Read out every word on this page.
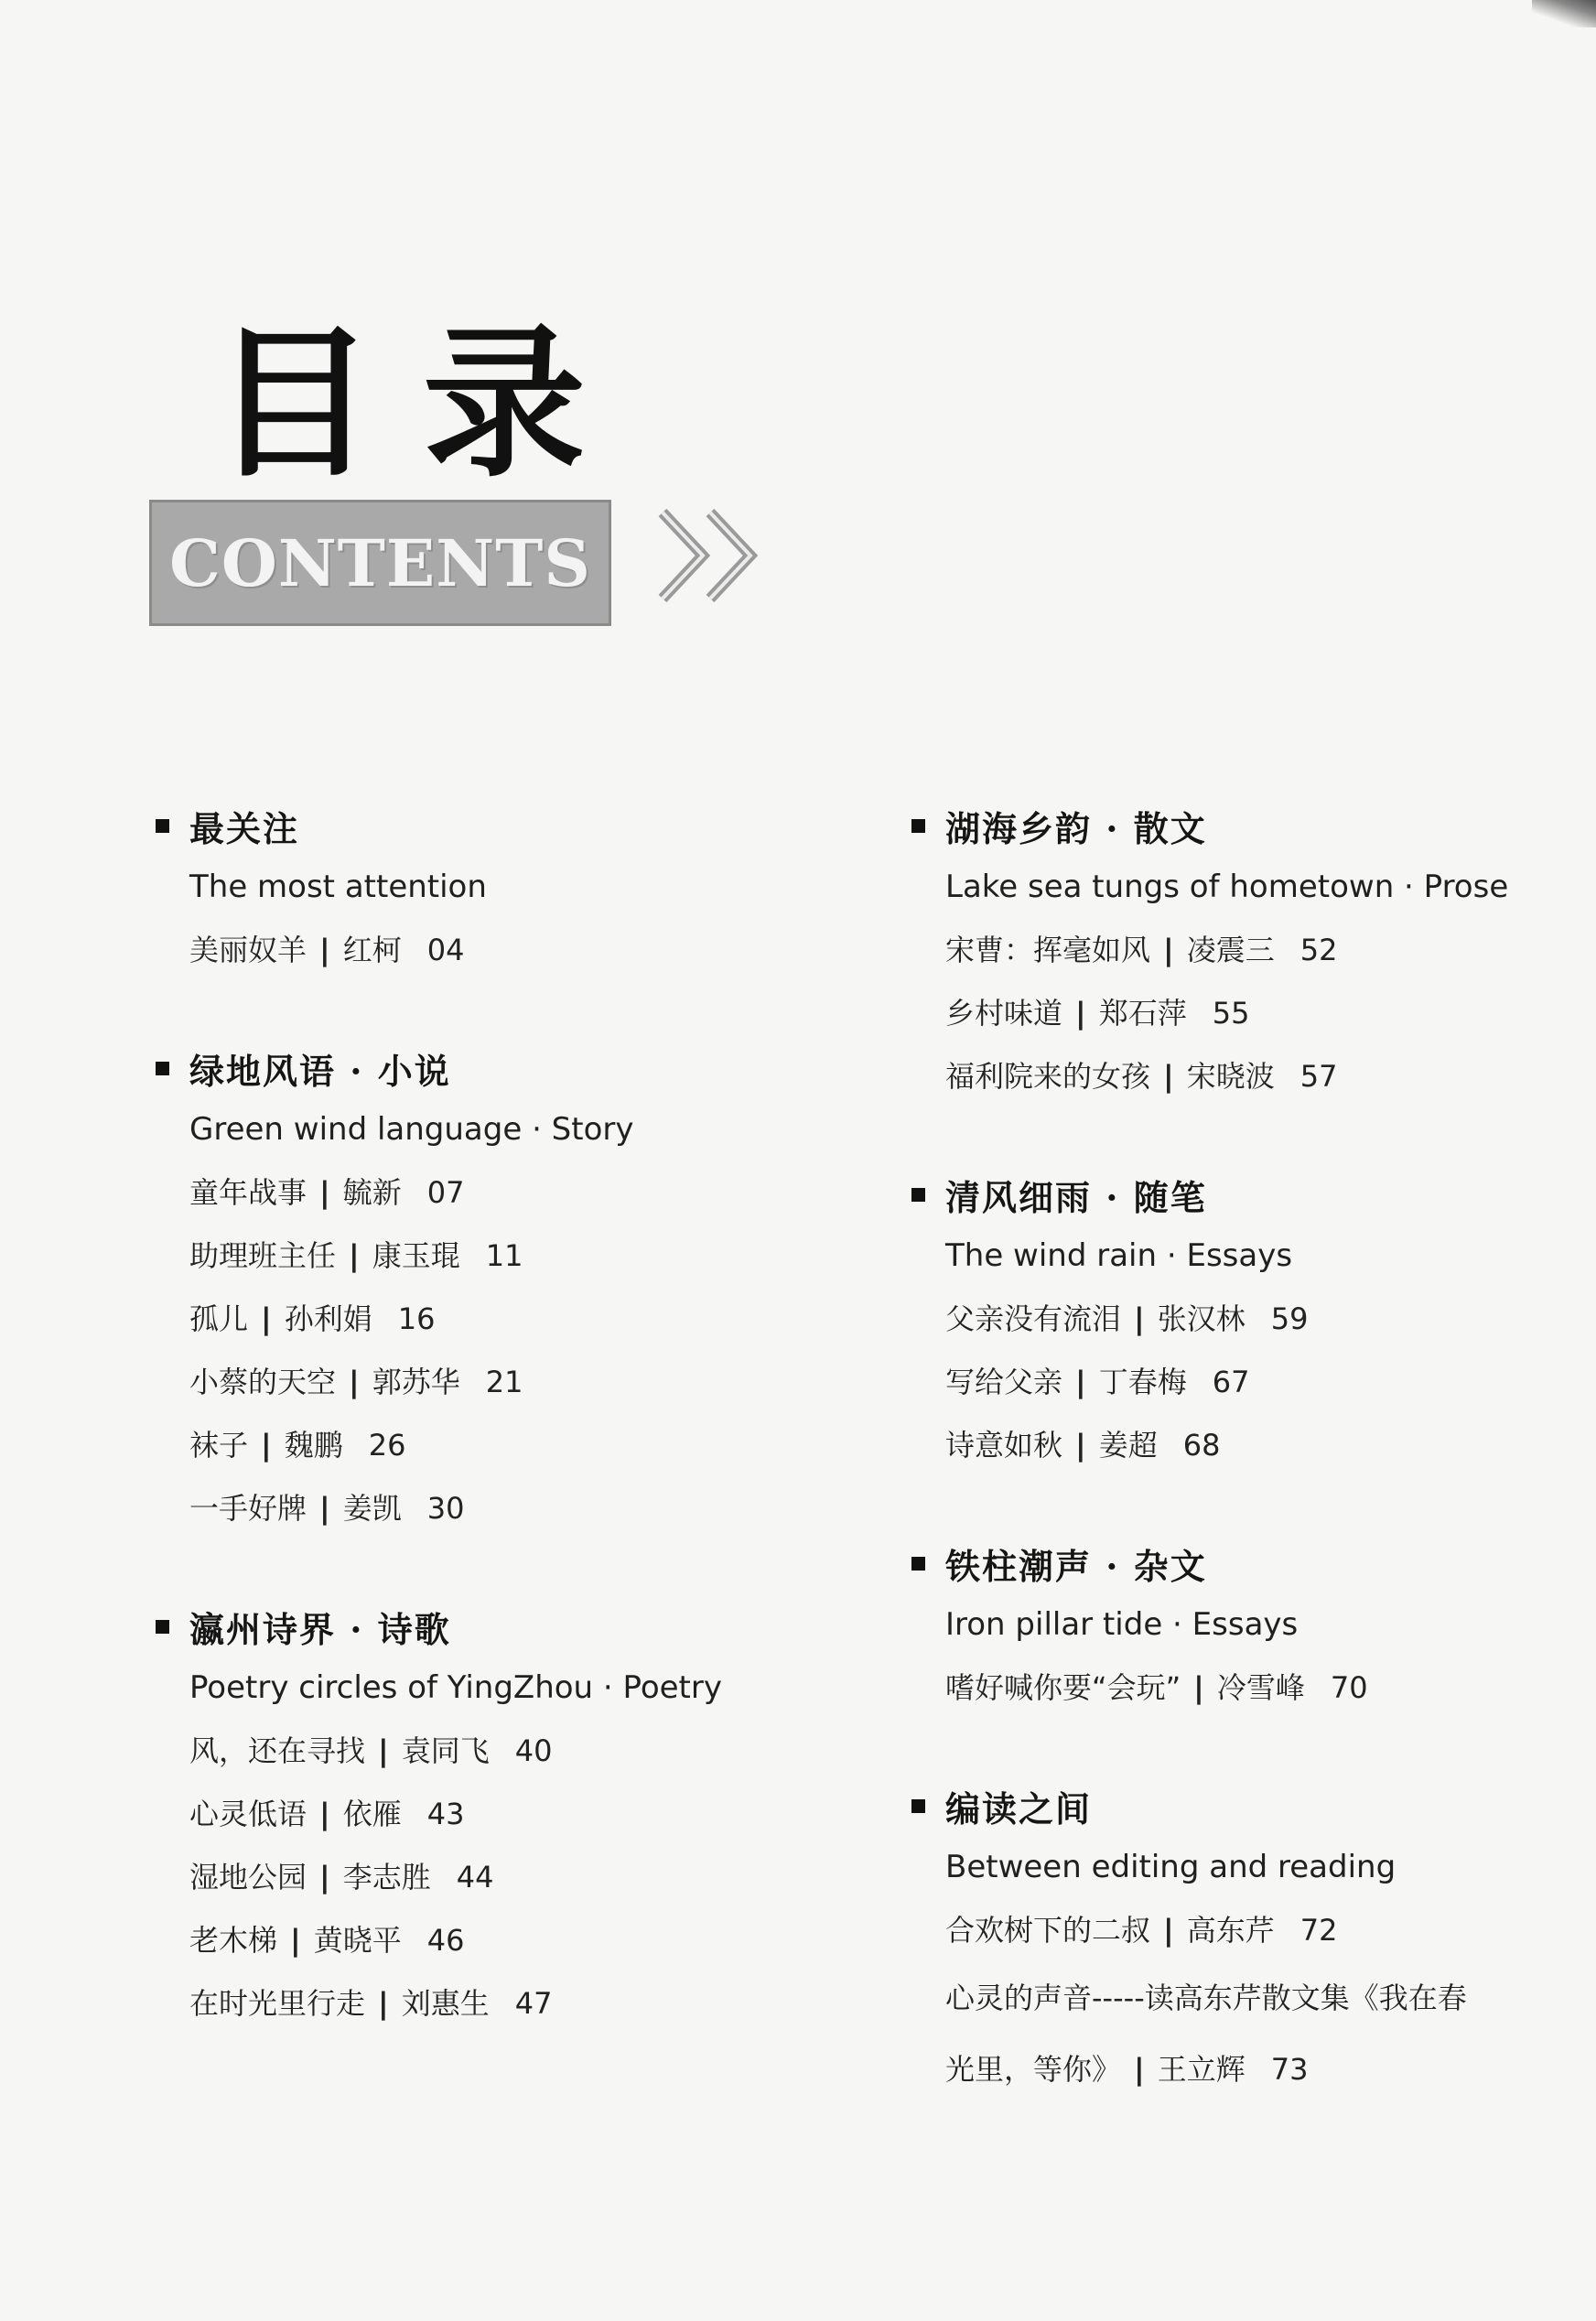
目录
CONTENTS
最关注
The most attention
美丽奴羊 | 红柯 04
绿地风语 · 小说
Green wind language · Story
童年战事 | 毓新 07
助理班主任 | 康玉琨 11
孤儿 | 孙利娟 16
小蔡的天空 | 郭苏华 21
袜子 | 魏鹏 26
一手好牌 | 姜凯 30
瀛州诗界 · 诗歌
Poetry circles of YingZhou · Poetry
风，还在寻找 | 袁同飞 40
心灵低语 | 依雁 43
湿地公园 | 李志胜 44
老木梯 | 黄晓平 46
在时光里行走 | 刘惠生 47
湖海乡韵 · 散文
Lake sea tungs of hometown · Prose
宋曹：挥毫如风 | 凌震三 52
乡村味道 | 郑石萍 55
福利院来的女孩 | 宋晓波 57
清风细雨 · 随笔
The wind rain · Essays
父亲没有流泪 | 张汉林 59
写给父亲 | 丁春梅 67
诗意如秋 | 姜超 68
铁柱潮声 · 杂文
Iron pillar tide · Essays
嗜好喊你要“会玩” | 冷雪峰 70
编读之间
Between editing and reading
合欢树下的二叔 | 高东芹 72
心灵的声音-----读高东芹散文集《我在春光里，等你》 | 王立辉 73
